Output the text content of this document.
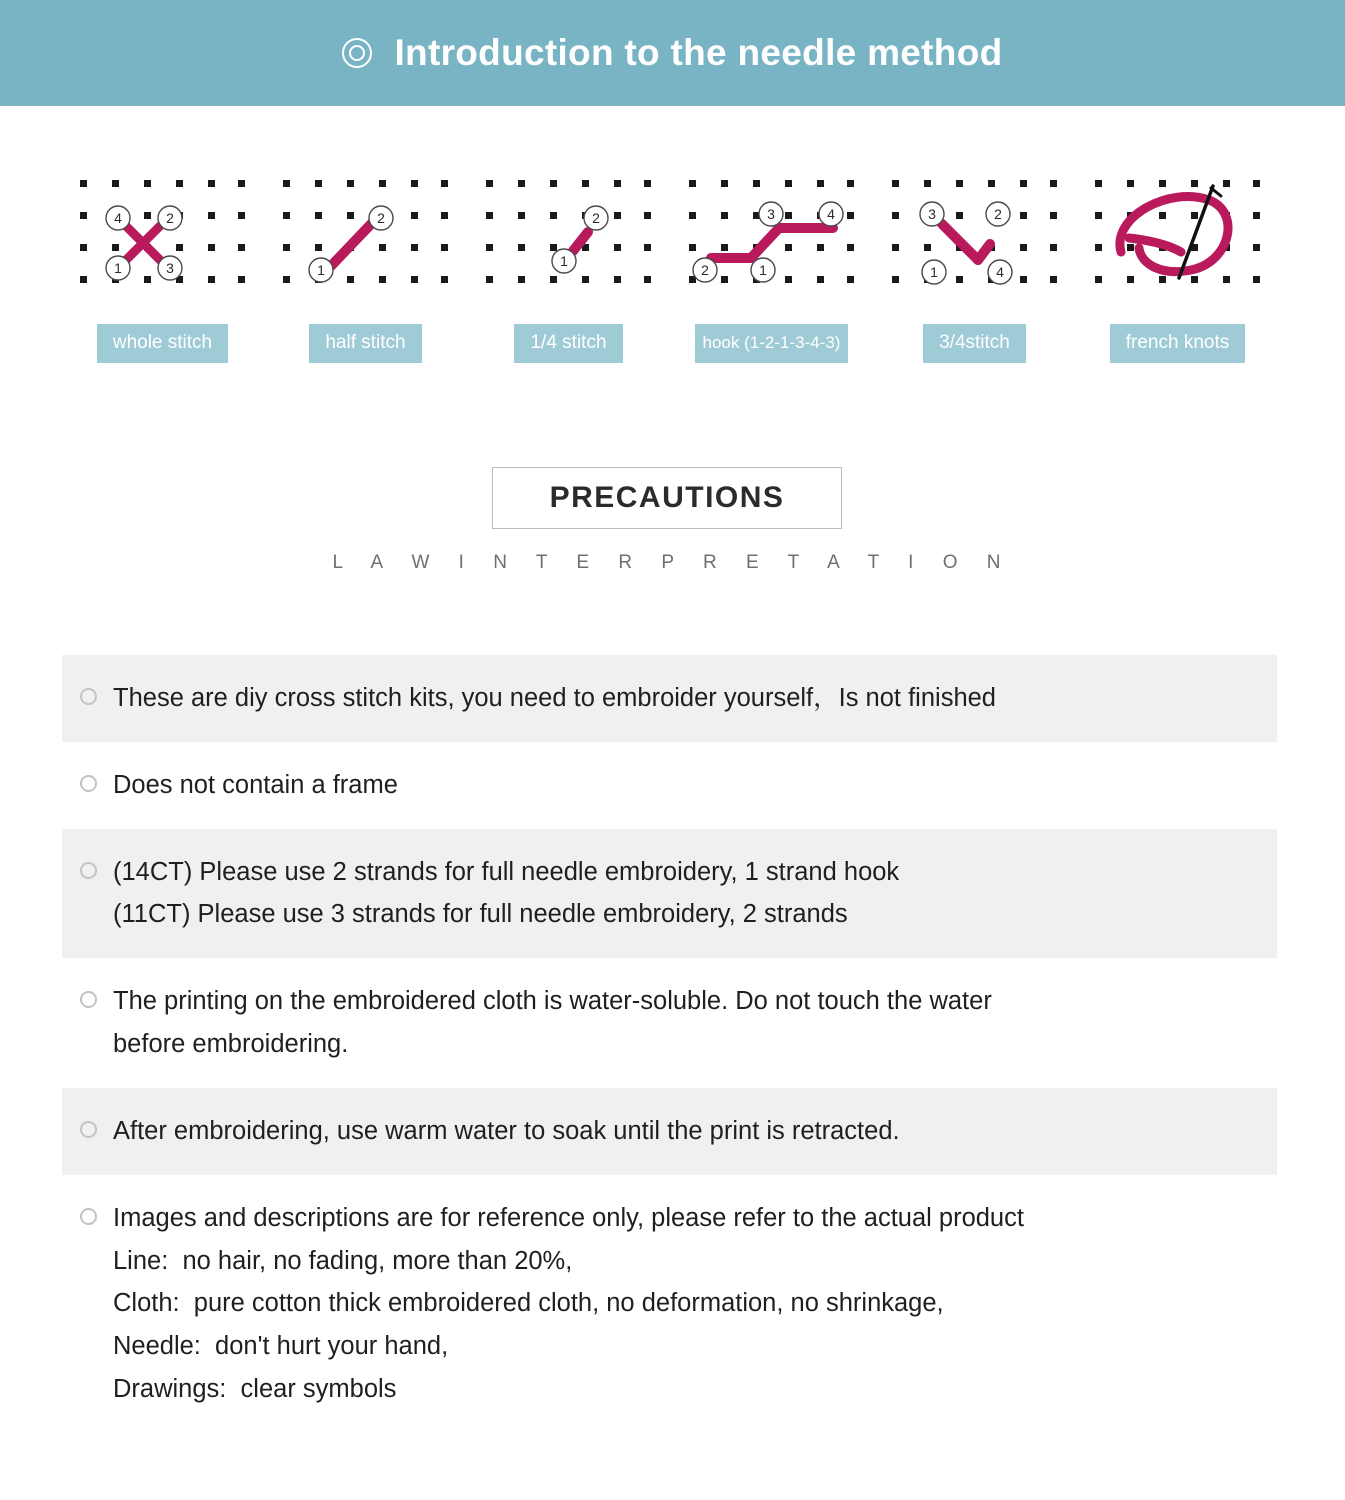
Introduction to the needle method
4	2
1	3
whole stitch
2
1
half stitch
2
1
1/4 stitch
3	4
2	1
hook (1-2-1-3-4-3)
3	2
1	4
3/4stitch	french knots
PRECAUTIONS
L A W I N T E R P R E T A T I O N
These are diy cross stitch kits, you need to embroider yourself，Is not finished
Does not contain a frame
(14CT) Please use 2 strands for full needle embroidery, 1 strand hook
(11CT) Please use 3 strands for full needle embroidery, 2 strands
The printing on the embroidered cloth is water-soluble. Do not touch the water
before embroidering.
After embroidering, use warm water to soak until the print is retracted.
Images and descriptions are for reference only, please refer to the actual product
Line:  no hair, no fading, more than 20%,
Cloth:  pure cotton thick embroidered cloth, no deformation, no shrinkage,
Needle:  don't hurt your hand,
Drawings:  clear symbols
